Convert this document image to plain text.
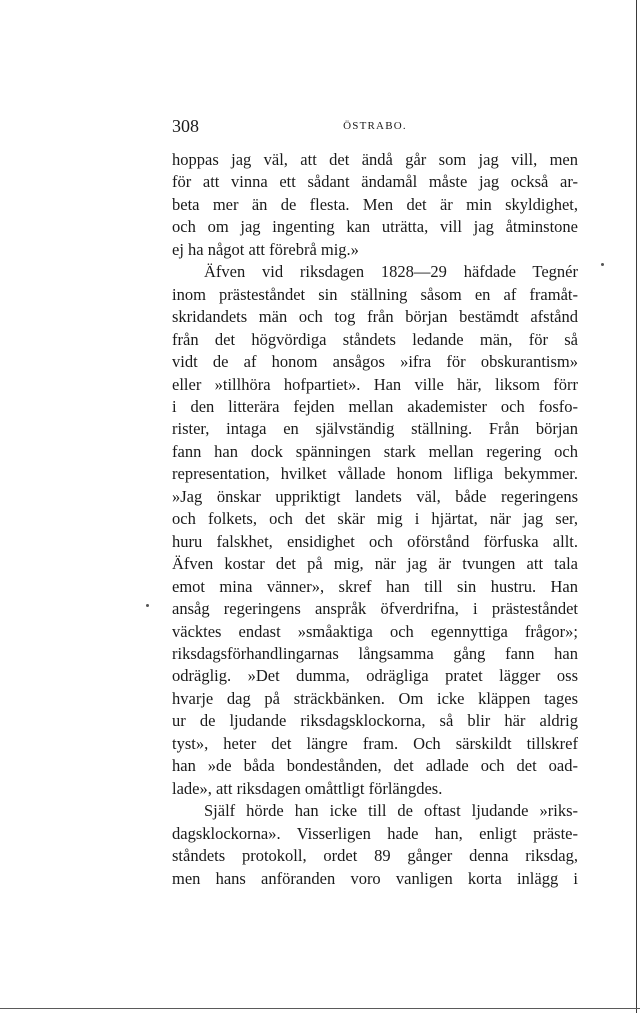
308	ÖSTRABO.
hoppas jag väl, att det ändå går som jag vill, men
för att vinna ett sådant ändamål måste jag också ar-
beta mer än de flesta. Men det är min skyldighet,
och om jag ingenting kan uträtta, vill jag åtminstone
ej ha något att förebrå mig.»
Äfven vid riksdagen 1828—29 häfdade Tegnér
inom prästeståndet sin ställning såsom en af framåt-
skridandets män och tog från början bestämdt afstånd
från det högvördiga ståndets ledande män, för så
vidt de af honom ansågos »ifra för obskurantism»
eller »tillhöra hofpartiet». Han ville här, liksom förr
i den litterära fejden mellan akademister och fosfo-
rister, intaga en självständig ställning. Från början
fann han dock spänningen stark mellan regering och
representation, hvilket vållade honom lifliga bekymmer.
»Jag önskar uppriktigt landets väl, både regeringens
och folkets, och det skär mig i hjärtat, när jag ser,
huru falskhet, ensidighet och oförstånd förfuska allt.
Äfven kostar det på mig, när jag är tvungen att tala
emot mina vänner», skref han till sin hustru. Han
ansåg regeringens anspråk öfverdrifna, i prästeståndet
väcktes endast »småaktiga och egennyttiga frågor»;
riksdagsförhandlingarnas långsamma gång fann han
odräglig. »Det dumma, odrägliga pratet lägger oss
hvarje dag på sträckbänken. Om icke kläppen tages
ur de ljudande riksdagsklockorna, så blir här aldrig
tyst», heter det längre fram. Och särskildt tillskref
han »de båda bondestånden, det adlade och det oad-
lade», att riksdagen omåttligt förlängdes.
Själf hörde han icke till de oftast ljudande »riks-
dagsklockorna». Visserligen hade han, enligt präste-
ståndets protokoll, ordet 89 gånger denna riksdag,
men hans anföranden voro vanligen korta inlägg i
